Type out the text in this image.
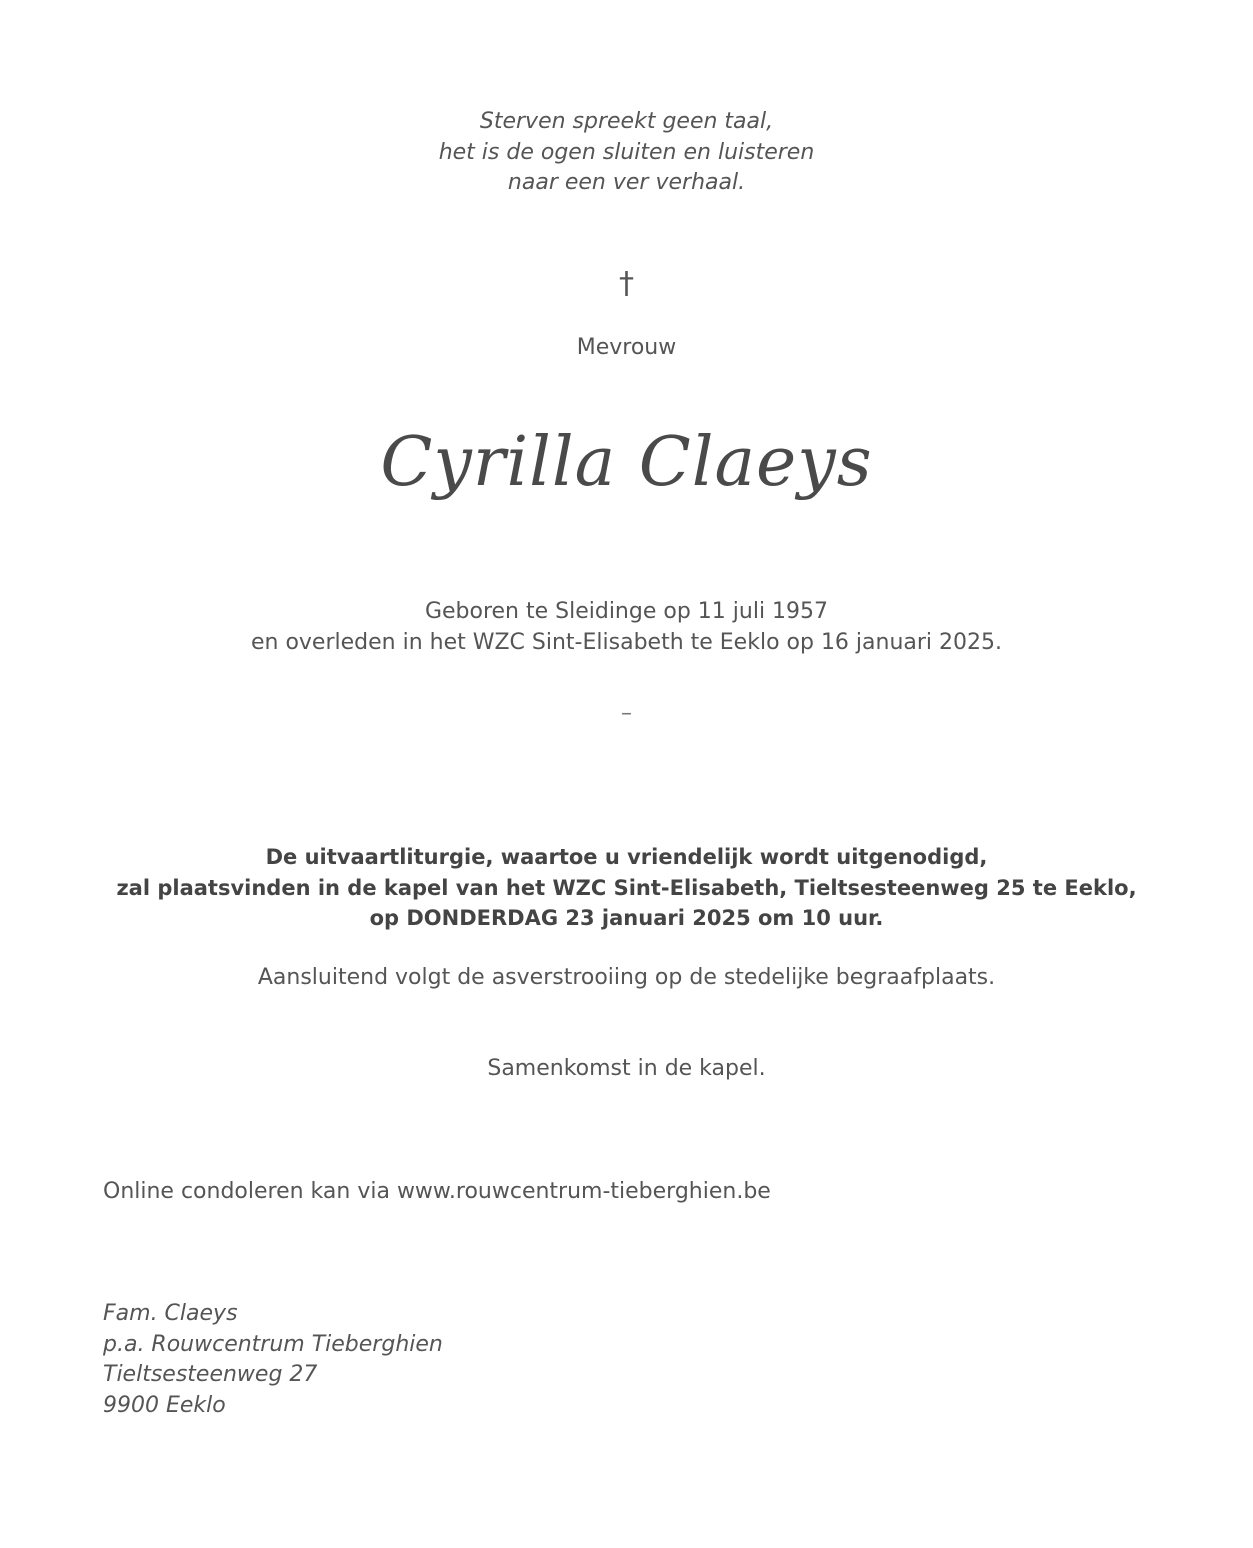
Sterven spreekt geen taal,
het is de ogen sluiten en luisteren
naar een ver verhaal.
†
Mevrouw
Cyrilla Claeys
Geboren te Sleidinge op 11 juli 1957
en overleden in het WZC Sint-Elisabeth te Eeklo op 16 januari 2025.
–
De uitvaartliturgie, waartoe u vriendelijk wordt uitgenodigd,
zal plaatsvinden in de kapel van het WZC Sint-Elisabeth, Tieltsesteenweg 25 te Eeklo,
op DONDERDAG 23 januari 2025 om 10 uur.
Aansluitend volgt de asverstrooiing op de stedelijke begraafplaats.
Samenkomst in de kapel.
Online condoleren kan via www.rouwcentrum-tieberghien.be
Fam. Claeys
p.a. Rouwcentrum Tieberghien
Tieltsesteenweg 27
9900 Eeklo
